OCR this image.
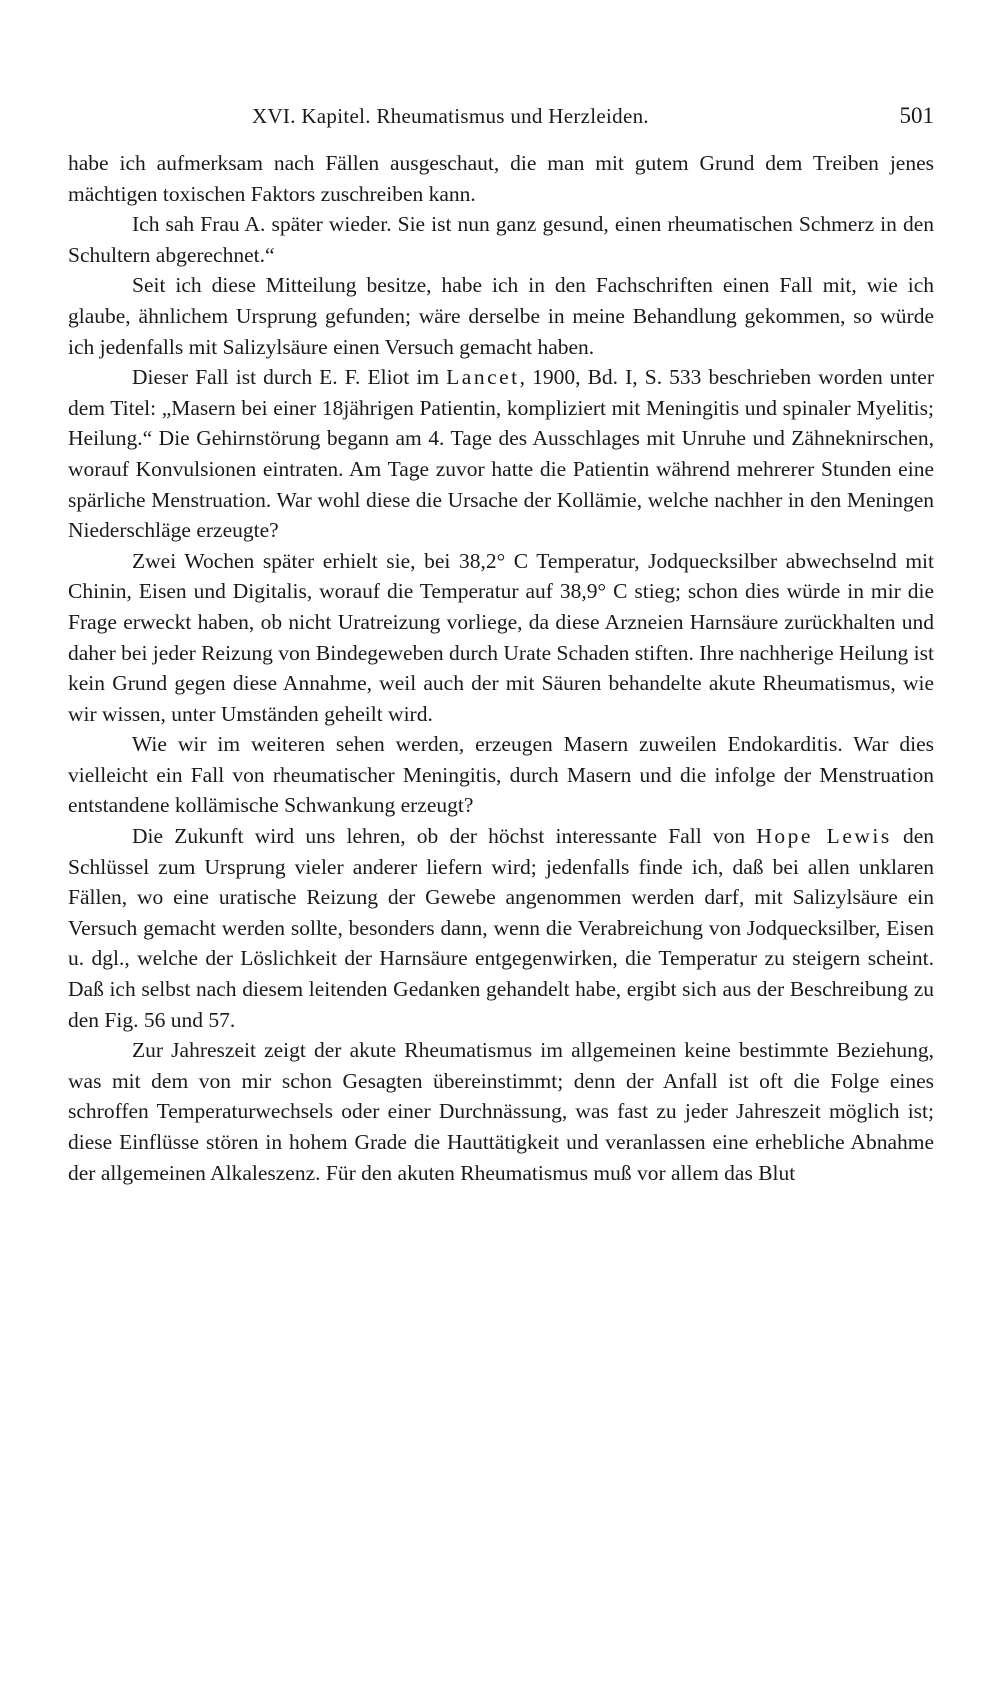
XVI. Kapitel. Rheumatismus und Herzleiden.	501

habe ich aufmerksam nach Fällen ausgeschaut, die man mit gutem Grund dem Treiben jenes mächtigen toxischen Faktors zuschreiben kann.

Ich sah Frau A. später wieder. Sie ist nun ganz gesund, einen rheumatischen Schmerz in den Schultern abgerechnet.“

Seit ich diese Mitteilung besitze, habe ich in den Fachschriften einen Fall mit, wie ich glaube, ähnlichem Ursprung gefunden; wäre derselbe in meine Behandlung gekommen, so würde ich jedenfalls mit Salizylsäure einen Versuch gemacht haben.

Dieser Fall ist durch E. F. Eliot im Lancet, 1900, Bd. I, S. 533 beschrieben worden unter dem Titel: „Masern bei einer 18jährigen Patientin, kompliziert mit Meningitis und spinaler Myelitis; Heilung.“ Die Gehirnstörung begann am 4. Tage des Ausschlages mit Unruhe und Zähneknirschen, worauf Konvulsionen eintraten. Am Tage zuvor hatte die Patientin während mehrerer Stunden eine spärliche Menstruation. War wohl diese die Ursache der Kollämie, welche nachher in den Meningen Niederschläge erzeugte?

Zwei Wochen später erhielt sie, bei 38,2° C Temperatur, Jodquecksilber abwechselnd mit Chinin, Eisen und Digitalis, worauf die Temperatur auf 38,9° C stieg; schon dies würde in mir die Frage erweckt haben, ob nicht Uratreizung vorliege, da diese Arzneien Harnsäure zurückhalten und daher bei jeder Reizung von Bindegeweben durch Urate Schaden stiften. Ihre nachherige Heilung ist kein Grund gegen diese Annahme, weil auch der mit Säuren behandelte akute Rheumatismus, wie wir wissen, unter Umständen geheilt wird.

Wie wir im weiteren sehen werden, erzeugen Masern zuweilen Endokarditis. War dies vielleicht ein Fall von rheumatischer Meningitis, durch Masern und die infolge der Menstruation entstandene kollämische Schwankung erzeugt?

Die Zukunft wird uns lehren, ob der höchst interessante Fall von Hope Lewis den Schlüssel zum Ursprung vieler anderer liefern wird; jedenfalls finde ich, daß bei allen unklaren Fällen, wo eine uratische Reizung der Gewebe angenommen werden darf, mit Salizylsäure ein Versuch gemacht werden sollte, besonders dann, wenn die Verabreichung von Jodquecksilber, Eisen u. dgl., welche der Löslichkeit der Harnsäure entgegenwirken, die Temperatur zu steigern scheint. Daß ich selbst nach diesem leitenden Gedanken gehandelt habe, ergibt sich aus der Beschreibung zu den Fig. 56 und 57.

Zur Jahreszeit zeigt der akute Rheumatismus im allgemeinen keine bestimmte Beziehung, was mit dem von mir schon Gesagten übereinstimmt; denn der Anfall ist oft die Folge eines schroffen Temperaturwechsels oder einer Durchnässung, was fast zu jeder Jahreszeit möglich ist; diese Einflüsse stören in hohem Grade die Hauttätigkeit und veranlassen eine erhebliche Abnahme der allgemeinen Alkaleszenz. Für den akuten Rheumatismus muß vor allem das Blut
